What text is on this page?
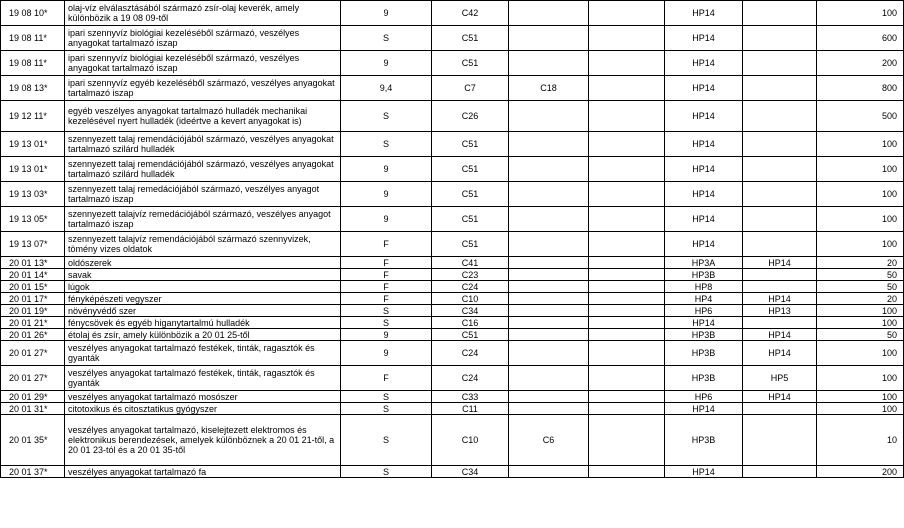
19 08 10*	olaj-víz elválasztásából származó zsír-olaj keverék, amely különbözik a 19 08 09-től	9	C42			HP14		100
19 08 11*	ipari szennyvíz biológiai kezeléséből származó, veszélyes anyagokat tartalmazó iszap	S	C51			HP14		600
19 08 11*	ipari szennyvíz biológiai kezeléséből származó, veszélyes anyagokat tartalmazó iszap	9	C51			HP14		200
19 08 13*	ipari szennyvíz egyéb kezeléséből származó, veszélyes anyagokat tartalmazó iszap	9,4	C7	C18		HP14		800
19 12 11*	egyéb veszélyes anyagokat tartalmazó hulladék mechanikai kezelésével nyert hulladék (ideértve a kevert anyagokat is)	S	C26			HP14		500
19 13 01*	szennyezett talaj remendációjából származó, veszélyes anyagokat tartalmazó szilárd hulladék	S	C51			HP14		100
19 13 01*	szennyezett talaj remendációjából származó, veszélyes anyagokat tartalmazó szilárd hulladék	9	C51			HP14		100
19 13 03*	szennyezett talaj remedációjából származó, veszélyes anyagot tartalmazó iszap	9	C51			HP14		100
19 13 05*	szennyezett talajvíz remedációjából származó, veszélyes anyagot tartalmazó iszap	9	C51			HP14		100
19 13 07*	szennyezett talajvíz remendációjából származó szennyvizek, tömény vizes oldatok	F	C51			HP14		100
20 01 13*	oldószerek	F	C41			HP3A	HP14	20
20 01 14*	savak	F	C23			HP3B		50
20 01 15*	lúgok	F	C24			HP8		50
20 01 17*	fényképészeti vegyszer	F	C10			HP4	HP14	20
20 01 19*	növényvédő szer	S	C34			HP6	HP13	100
20 01 21*	fénycsövek és egyéb higanytartalmú hulladék	S	C16			HP14		100
20 01 26*	étolaj és zsír, amely különbözik a 20 01 25-től	9	C51			HP3B	HP14	50
20 01 27*	veszélyes anyagokat tartalmazó festékek, tinták, ragasztók és gyanták	9	C24			HP3B	HP14	100
20 01 27*	veszélyes anyagokat tartalmazó festékek, tinták, ragasztók és gyanták	F	C24			HP3B	HP5	100
20 01 29*	veszélyes anyagokat tartalmazó mosószer	S	C33			HP6	HP14	100
20 01 31*	citotoxikus és citosztatikus gyógyszer	S	C11			HP14		100
20 01 35*	veszélyes anyagokat tartalmazó, kiselejtezett elektromos és elektronikus berendezések, amelyek különböznek a 20 01 21-től, a 20 01 23-tól és a 20 01 35-től	S	C10	C6		HP3B		10
20 01 37*	veszélyes anyagokat tartalmazó fa	S	C34			HP14		200
